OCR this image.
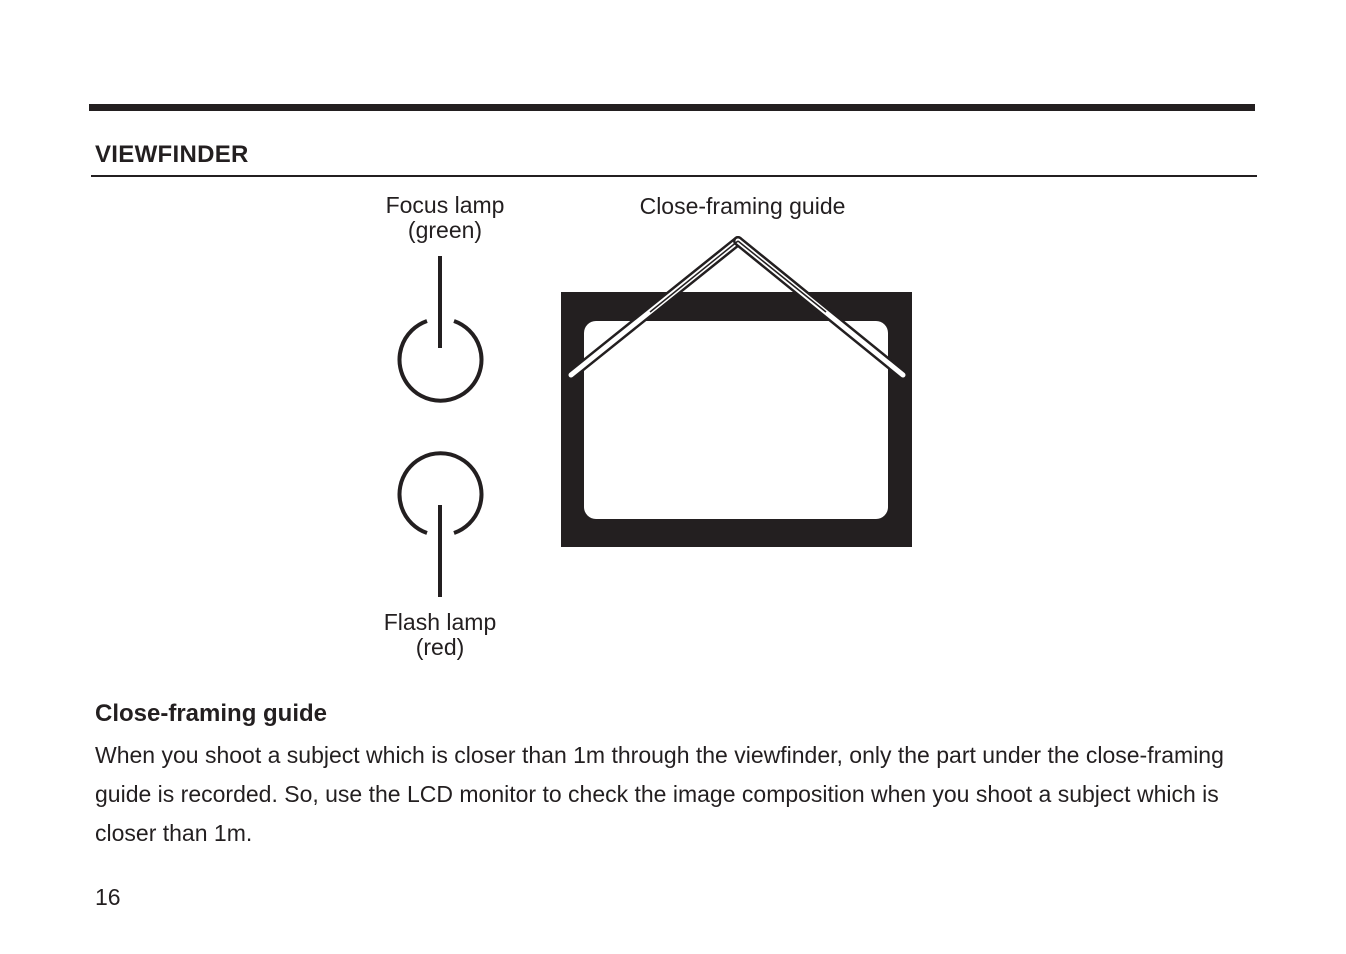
VIEWFINDER
Focus lamp
(green)
Close-framing guide
Flash lamp
(red)
Close-framing guide
When you shoot a subject which is closer than 1m through the viewfinder, only the part under the close-framing guide is recorded. So, use the LCD monitor to check the image composition when you shoot a subject which is closer than 1m.
16
